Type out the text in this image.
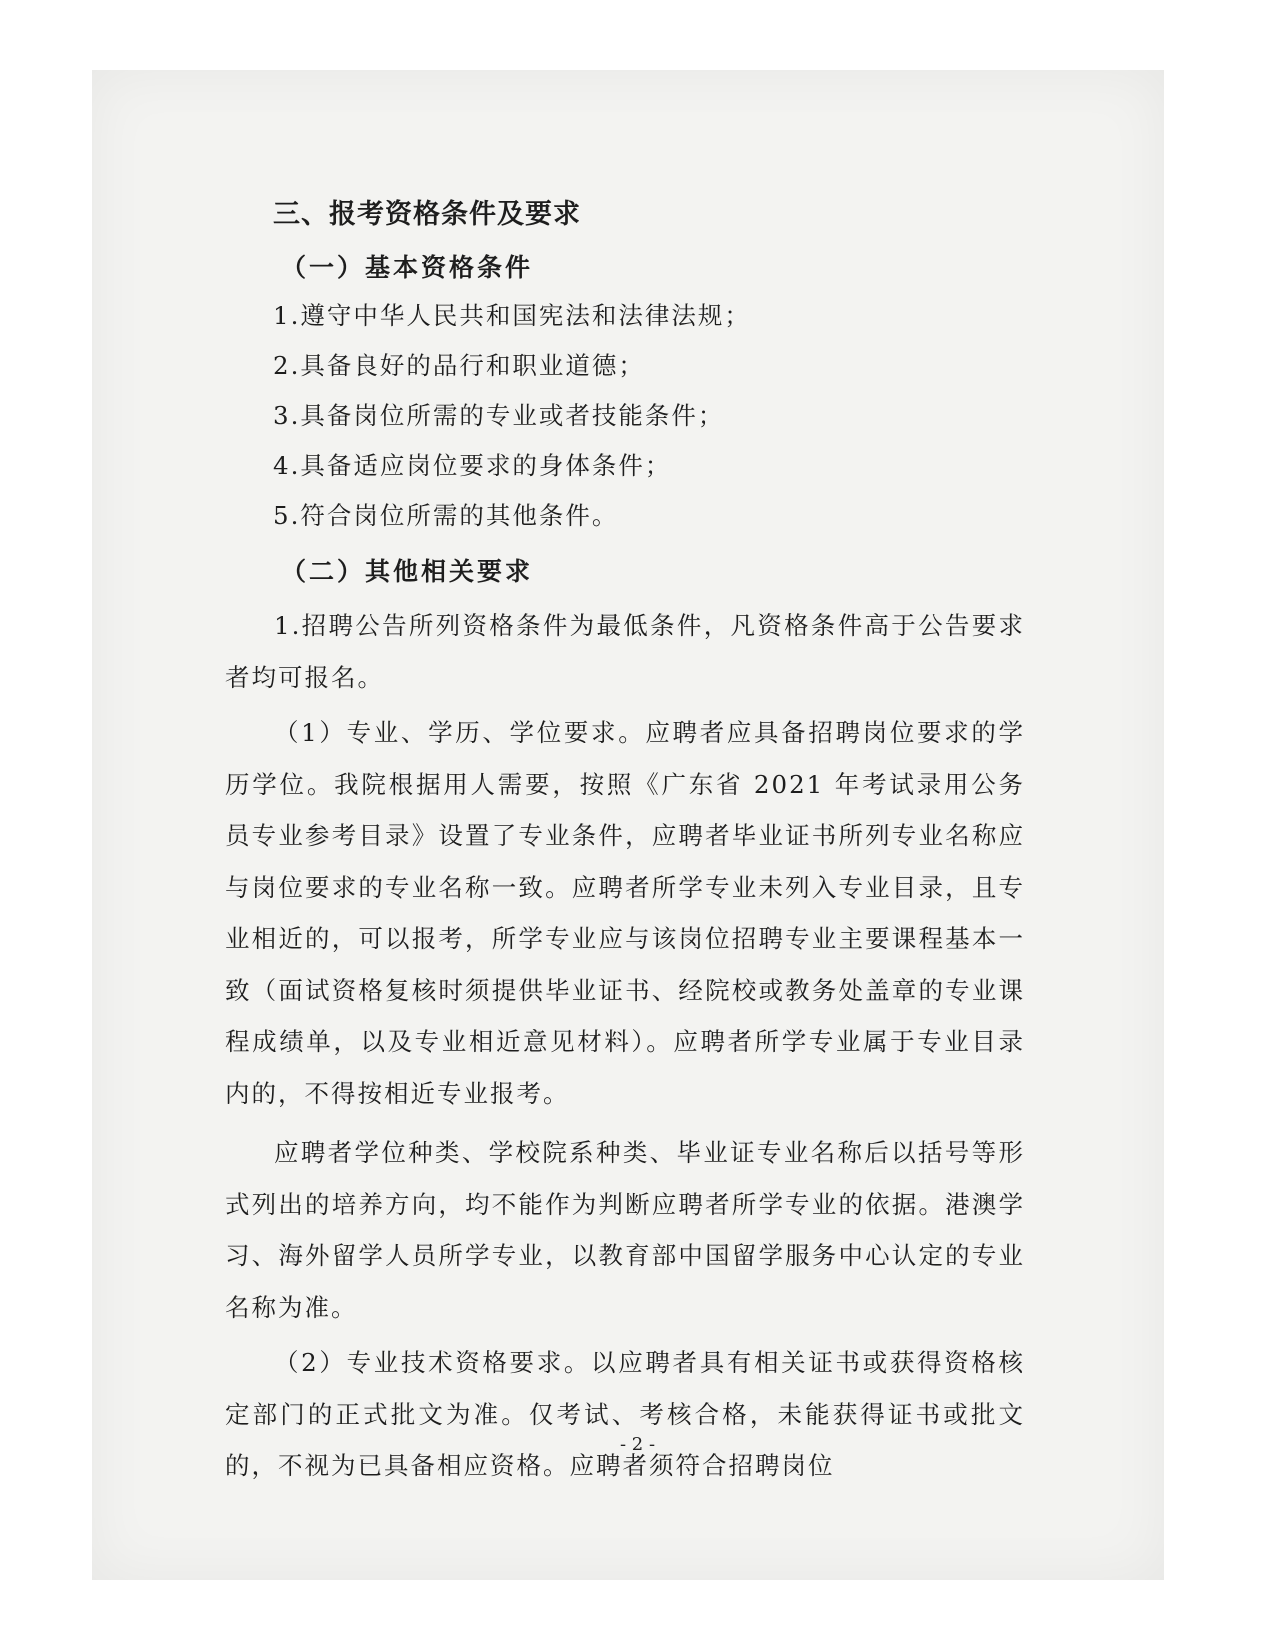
三、报考资格条件及要求
（一）基本资格条件
1.遵守中华人民共和国宪法和法律法规；
2.具备良好的品行和职业道德；
3.具备岗位所需的专业或者技能条件；
4.具备适应岗位要求的身体条件；
5.符合岗位所需的其他条件。
（二）其他相关要求

1.招聘公告所列资格条件为最低条件，凡资格条件高于公告要求者均可报名。

（1）专业、学历、学位要求。应聘者应具备招聘岗位要求的学历学位。我院根据用人需要，按照《广东省 2021 年考试录用公务员专业参考目录》设置了专业条件，应聘者毕业证书所列专业名称应与岗位要求的专业名称一致。应聘者所学专业未列入专业目录，且专业相近的，可以报考，所学专业应与该岗位招聘专业主要课程基本一致（面试资格复核时须提供毕业证书、经院校或教务处盖章的专业课程成绩单，以及专业相近意见材料）。应聘者所学专业属于专业目录内的，不得按相近专业报考。

应聘者学位种类、学校院系种类、毕业证专业名称后以括号等形式列出的培养方向，均不能作为判断应聘者所学专业的依据。港澳学习、海外留学人员所学专业，以教育部中国留学服务中心认定的专业名称为准。

（2）专业技术资格要求。以应聘者具有相关证书或获得资格核定部门的正式批文为准。仅考试、考核合格，未能获得证书或批文的，不视为已具备相应资格。应聘者须符合招聘岗位

- 2 -
